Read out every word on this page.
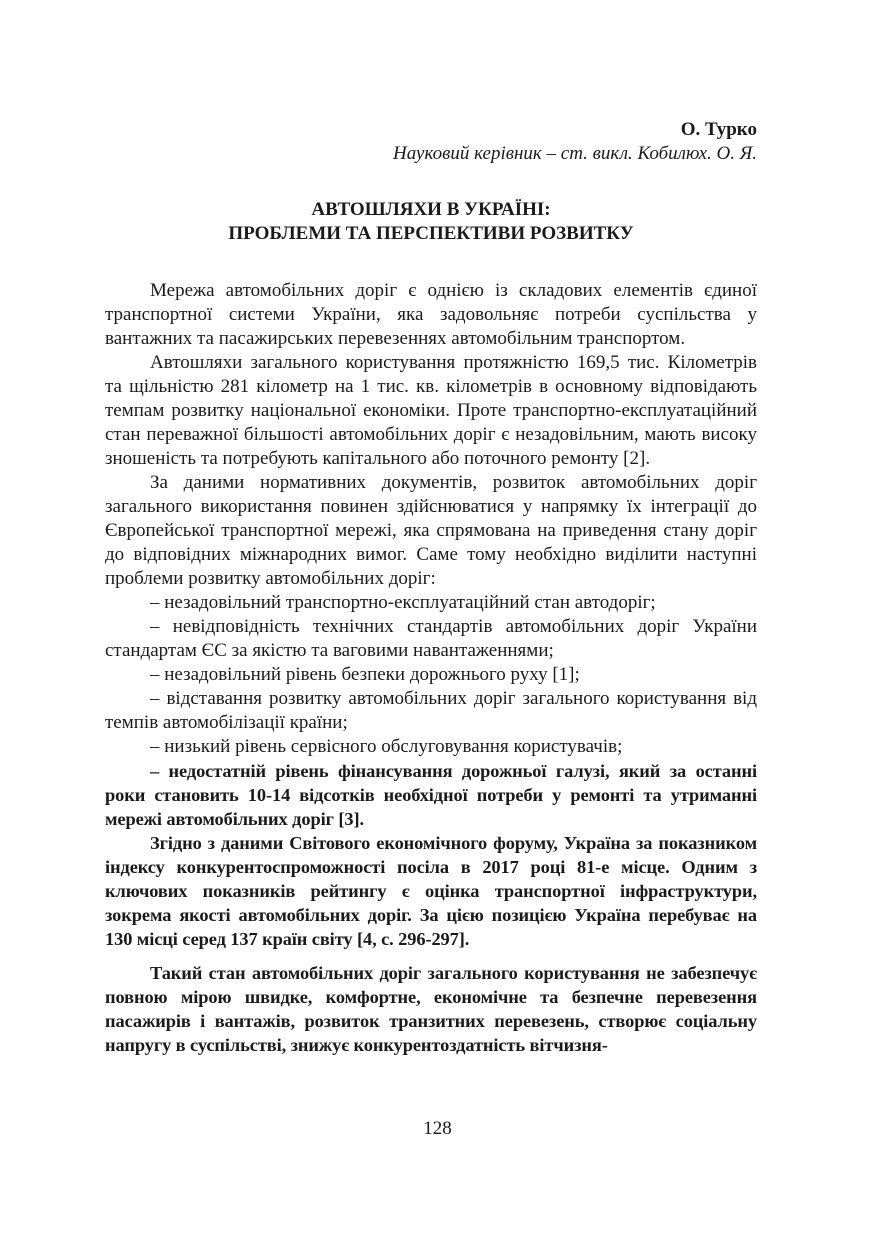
О. Турко
Науковий керівник – ст. викл. Кобилюх. О. Я.
АВТОШЛЯХИ В УКРАЇНІ:
ПРОБЛЕМИ ТА ПЕРСПЕКТИВИ РОЗВИТКУ

Мережа автомобільних доріг є однією із складових елементів єдиної транспортної системи України, яка задовольняє потреби суспільства у вантажних та пасажирських перевезеннях автомобільним транспортом.

Автошляхи загального користування протяжністю 169,5 тис. Кілометрів та щільністю 281 кілометр на 1 тис. кв. кілометрів в основному відповідають темпам розвитку національної економіки. Проте транспортно-експлуатаційний стан переважної більшості автомобільних доріг є незадовільним, мають високу зношеність та потребують капітального або поточного ремонту [2].

За даними нормативних документів, розвиток автомобільних доріг загального використання повинен здійснюватися у напрямку їх інтеграції до Європейської транспортної мережі, яка спрямована на приведення стану доріг до відповідних міжнародних вимог. Саме тому необхідно виділити наступні проблеми розвитку автомобільних доріг:

– незадовільний транспортно-експлуатаційний стан автодоріг;

– невідповідність технічних стандартів автомобільних доріг України стандартам ЄС за якістю та ваговими навантаженнями;

– незадовільний рівень безпеки дорожнього руху [1];

– відставання розвитку автомобільних доріг загального користування від темпів автомобілізації країни;

– низький рівень сервісного обслуговування користувачів;

– недостатній рівень фінансування дорожньої галузі, який за останні роки становить 10-14 відсотків необхідної потреби у ремонті та утриманні мережі автомобільних доріг [3].

Згідно з даними Світового економічного форуму, Україна за показником індексу конкурентоспроможності посіла в 2017 році 81-е місце. Одним з ключових показників рейтингу є оцінка транспортної інфраструктури, зокрема якості автомобільних доріг. За цією позицією Україна перебуває на 130 місці серед 137 країн світу [4, с. 296-297].

Такий стан автомобільних доріг загального користування не забезпечує повною мірою швидке, комфортне, економічне та безпечне перевезення пасажирів і вантажів, розвиток транзитних перевезень, створює соціальну напругу в суспільстві, знижує конкурентоздатність вітчизня-

128
